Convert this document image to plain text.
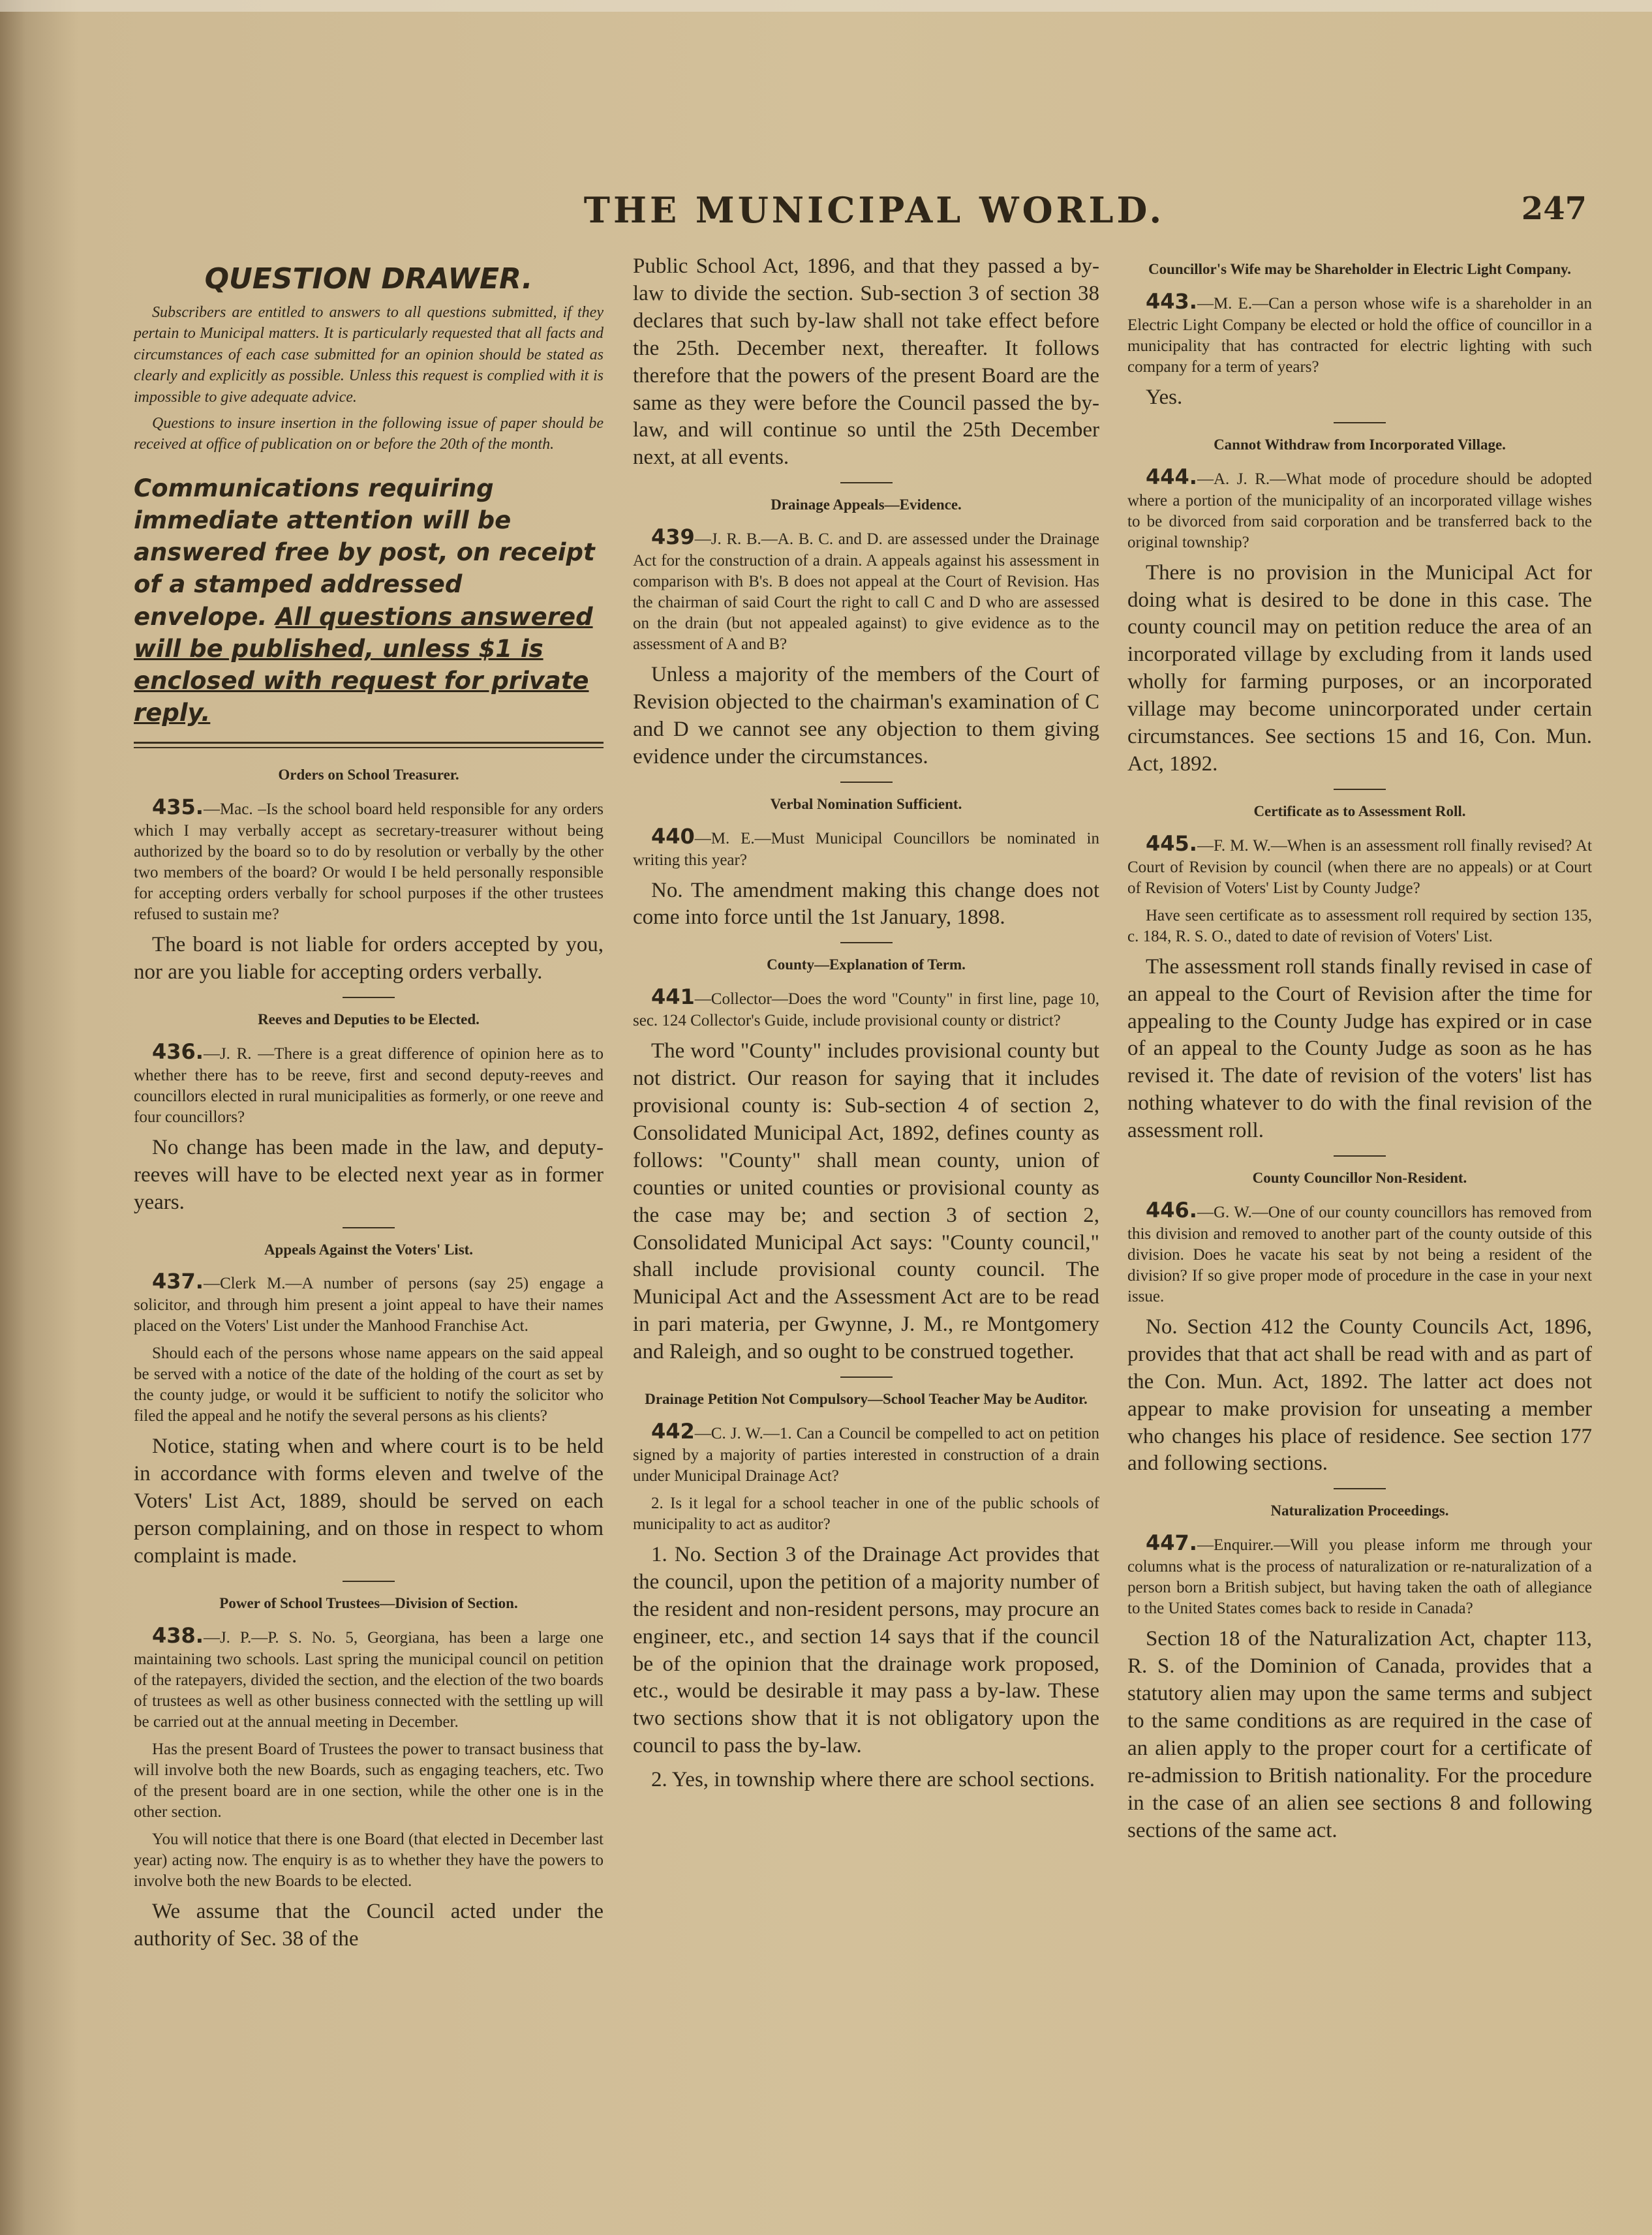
THE MUNICIPAL WORLD.	247
QUESTION DRAWER.

Subscribers are entitled to answers to all questions submitted, if they pertain to Municipal matters. It is particularly requested that all facts and circumstances of each case submitted for an opinion should be stated as clearly and explicitly as possible. Unless this request is complied with it is impossible to give adequate advice.

Questions to insure insertion in the following issue of paper should be received at office of publication on or before the 20th of the month.

Communications requiring immediate attention will be answered free by post, on receipt of a stamped addressed envelope. All questions answered will be published, unless $1 is enclosed with request for private reply.
Orders on School Treasurer.

435.—Mac. –Is the school board held responsible for any orders which I may verbally accept as secretary-treasurer without being authorized by the board so to do by resolution or verbally by the other two members of the board? Or would I be held personally responsible for accepting orders verbally for school purposes if the other trustees refused to sustain me?

The board is not liable for orders accepted by you, nor are you liable for accepting orders verbally.

Reeves and Deputies to be Elected.

436.—J. R. —There is a great difference of opinion here as to whether there has to be reeve, first and second deputy-reeves and councillors elected in rural municipalities as formerly, or one reeve and four councillors?

No change has been made in the law, and deputy-reeves will have to be elected next year as in former years.

Appeals Against the Voters' List.

437.—Clerk M.—A number of persons (say 25) engage a solicitor, and through him present a joint appeal to have their names placed on the Voters' List under the Manhood Franchise Act.

Should each of the persons whose name appears on the said appeal be served with a notice of the date of the holding of the court as set by the county judge, or would it be sufficient to notify the solicitor who filed the appeal and he notify the several persons as his clients?

Notice, stating when and where court is to be held in accordance with forms eleven and twelve of the Voters' List Act, 1889, should be served on each person complaining, and on those in respect to whom complaint is made.

Power of School Trustees—Division of Section.

438.—J. P.—P. S. No. 5, Georgiana, has been a large one maintaining two schools. Last spring the municipal council on petition of the ratepayers, divided the section, and the election of the two boards of trustees as well as other business connected with the settling up will be carried out at the annual meeting in December.

Has the present Board of Trustees the power to transact business that will involve both the new Boards, such as engaging teachers, etc. Two of the present board are in one section, while the other one is in the other section.

You will notice that there is one Board (that elected in December last year) acting now. The enquiry is as to whether they have the powers to involve both the new Boards to be elected.

We assume that the Council acted under the authority of Sec. 38 of the

Public School Act, 1896, and that they passed a by-law to divide the section. Sub-section 3 of section 38 declares that such by-law shall not take effect before the 25th. December next, thereafter. It follows therefore that the powers of the present Board are the same as they were before the Council passed the by-law, and will continue so until the 25th December next, at all events.

Drainage Appeals—Evidence.

439—J. R. B.—A. B. C. and D. are assessed under the Drainage Act for the construction of a drain. A appeals against his assessment in comparison with B's. B does not appeal at the Court of Revision. Has the chairman of said Court the right to call C and D who are assessed on the drain (but not appealed against) to give evidence as to the assessment of A and B?

Unless a majority of the members of the Court of Revision objected to the chairman's examination of C and D we cannot see any objection to them giving evidence under the circumstances.

Verbal Nomination Sufficient.

440—M. E.—Must Municipal Councillors be nominated in writing this year?

No. The amendment making this change does not come into force until the 1st January, 1898.

County—Explanation of Term.

441—Collector—Does the word "County" in first line, page 10, sec. 124 Collector's Guide, include provisional county or district?

The word "County" includes provisional county but not district. Our reason for saying that it includes provisional county is: Sub-section 4 of section 2, Consolidated Municipal Act, 1892, defines county as follows: "County" shall mean county, union of counties or united counties or provisional county as the case may be; and section 3 of section 2, Consolidated Municipal Act says: "County council," shall include provisional county council. The Municipal Act and the Assessment Act are to be read in pari materia, per Gwynne, J. M., re Montgomery and Raleigh, and so ought to be construed together.

Drainage Petition Not Compulsory—School Teacher May be Auditor.

442—C. J. W.—1. Can a Council be compelled to act on petition signed by a majority of parties interested in construction of a drain under Municipal Drainage Act?

2. Is it legal for a school teacher in one of the public schools of municipality to act as auditor?

1. No. Section 3 of the Drainage Act provides that the council, upon the petition of a majority number of the resident and non-resident persons, may procure an engineer, etc., and section 14 says that if the council be of the opinion that the drainage work proposed, etc., would be desirable it may pass a by-law. These two sections show that it is not obligatory upon the council to pass the by-law.

2. Yes, in township where there are school sections.

Councillor's Wife may be Shareholder in Electric Light Company.

443.—M. E.—Can a person whose wife is a shareholder in an Electric Light Company be elected or hold the office of councillor in a municipality that has contracted for electric lighting with such company for a term of years?

Yes.

Cannot Withdraw from Incorporated Village.

444.—A. J. R.—What mode of procedure should be adopted where a portion of the municipality of an incorporated village wishes to be divorced from said corporation and be transferred back to the original township?

There is no provision in the Municipal Act for doing what is desired to be done in this case. The county council may on petition reduce the area of an incorporated village by excluding from it lands used wholly for farming purposes, or an incorporated village may become unincorporated under certain circumstances. See sections 15 and 16, Con. Mun. Act, 1892.

Certificate as to Assessment Roll.

445.—F. M. W.—When is an assessment roll finally revised? At Court of Revision by council (when there are no appeals) or at Court of Revision of Voters' List by County Judge?

Have seen certificate as to assessment roll required by section 135, c. 184, R. S. O., dated to date of revision of Voters' List.

The assessment roll stands finally revised in case of an appeal to the Court of Revision after the time for appealing to the County Judge has expired or in case of an appeal to the County Judge as soon as he has revised it. The date of revision of the voters' list has nothing whatever to do with the final revision of the assessment roll.

County Councillor Non-Resident.

446.—G. W.—One of our county councillors has removed from this division and removed to another part of the county outside of this division. Does he vacate his seat by not being a resident of the division? If so give proper mode of procedure in the case in your next issue.

No. Section 412 the County Councils Act, 1896, provides that that act shall be read with and as part of the Con. Mun. Act, 1892. The latter act does not appear to make provision for unseating a member who changes his place of residence. See section 177 and following sections.

Naturalization Proceedings.

447.—Enquirer.—Will you please inform me through your columns what is the process of naturalization or re-naturalization of a person born a British subject, but having taken the oath of allegiance to the United States comes back to reside in Canada?

Section 18 of the Naturalization Act, chapter 113, R. S. of the Dominion of Canada, provides that a statutory alien may upon the same terms and subject to the same conditions as are required in the case of an alien apply to the proper court for a certificate of re-admission to British nationality. For the procedure in the case of an alien see sections 8 and following sections of the same act.
